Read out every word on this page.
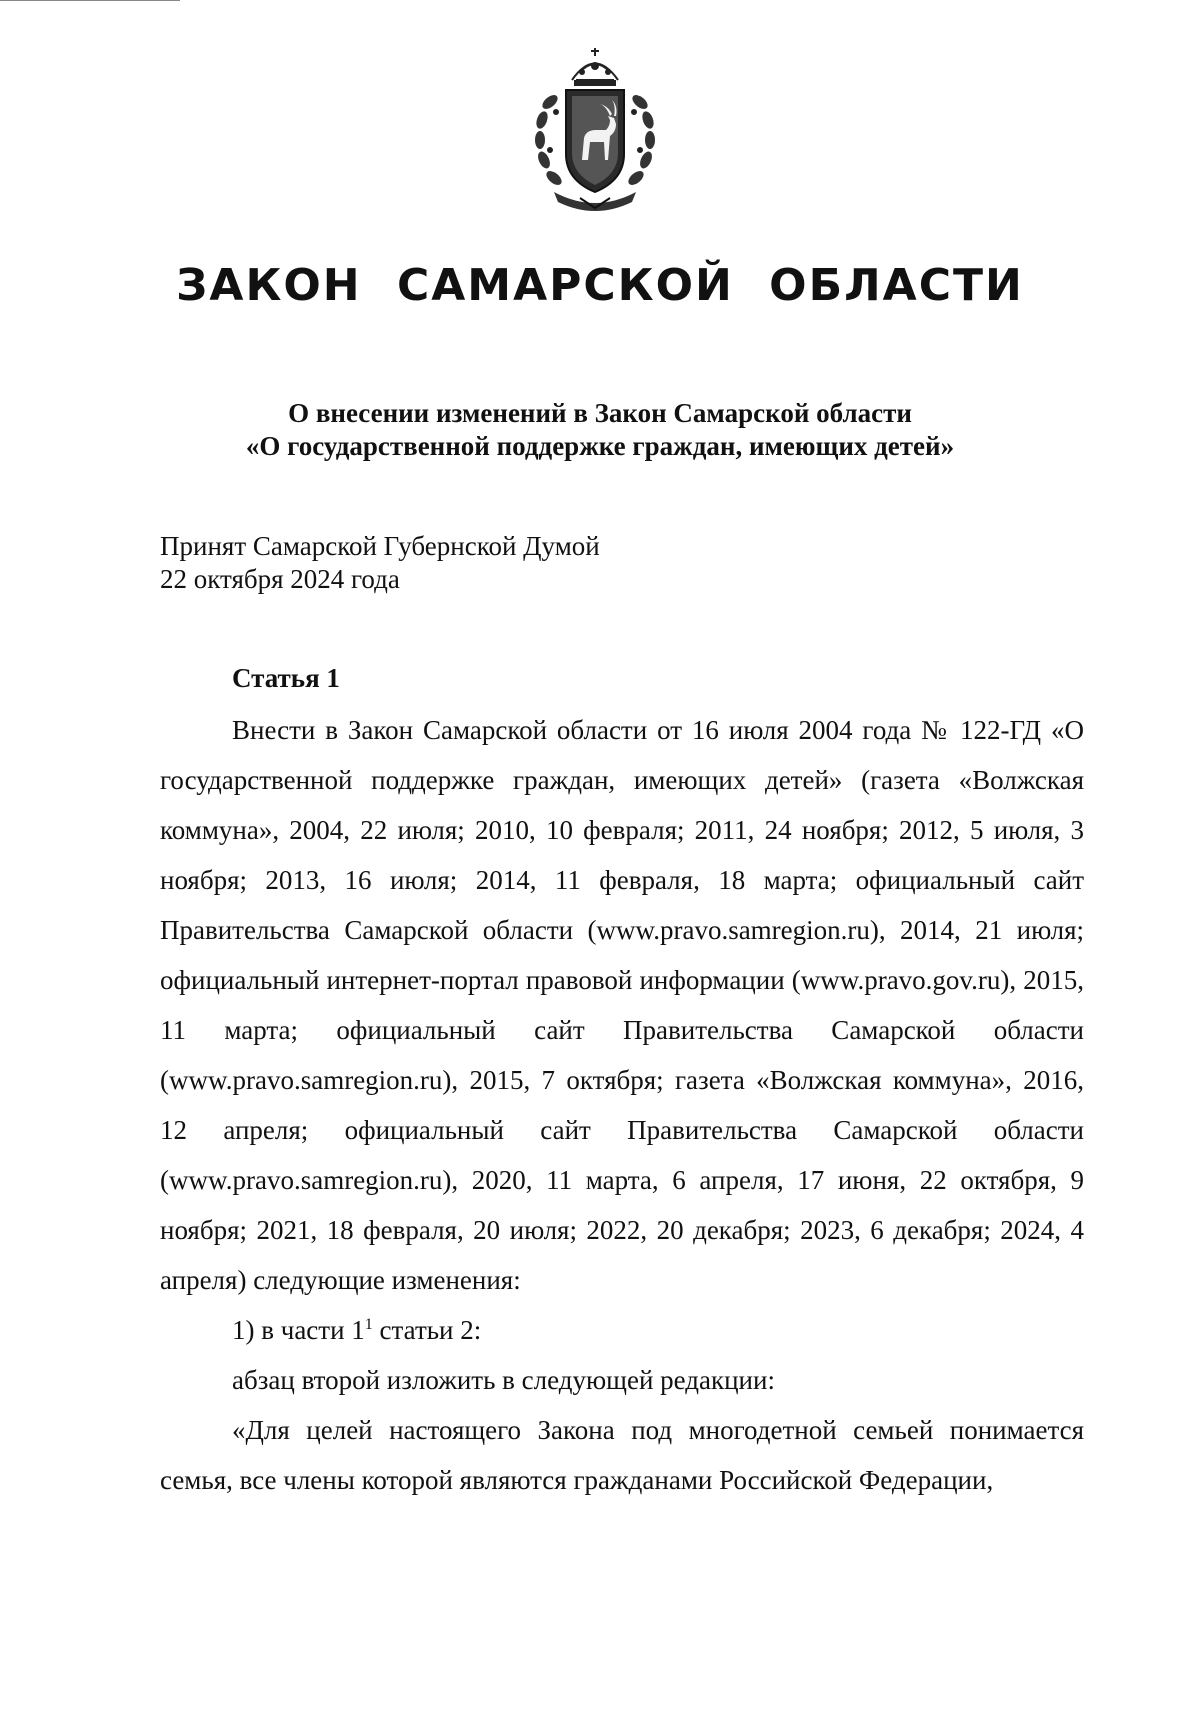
ЗАКОН САМАРСКОЙ ОБЛАСТИ
О внесении изменений в Закон Самарской области
«О государственной поддержке граждан, имеющих детей»
Принят Самарской Губернской Думой
22 октября 2024 года
Статья 1

Внести в Закон Самарской области от 16 июля 2004 года № 122-ГД «О государственной поддержке граждан, имеющих детей» (газета «Волжская коммуна», 2004, 22 июля; 2010, 10 февраля; 2011, 24 ноября; 2012, 5 июля, 3 ноября; 2013, 16 июля; 2014, 11 февраля, 18 марта; официальный сайт Правительства Самарской области (www.pravo.samregion.ru), 2014, 21 июля; официальный интернет-портал правовой информации (www.pravo.gov.ru), 2015, 11 марта; официальный сайт Правительства Самарской области (www.pravo.samregion.ru), 2015, 7 октября; газета «Волжская коммуна», 2016, 12 апреля; официальный сайт Правительства Самарской области (www.pravo.samregion.ru), 2020, 11 марта, 6 апреля, 17 июня, 22 октября, 9 ноября; 2021, 18 февраля, 20 июля; 2022, 20 декабря; 2023, 6 декабря; 2024, 4 апреля) следующие изменения:

1) в части $1^1$ статьи 2:

абзац второй изложить в следующей редакции:

«Для целей настоящего Закона под многодетной семьей понимается семья, все члены которой являются гражданами Российской Федерации,
